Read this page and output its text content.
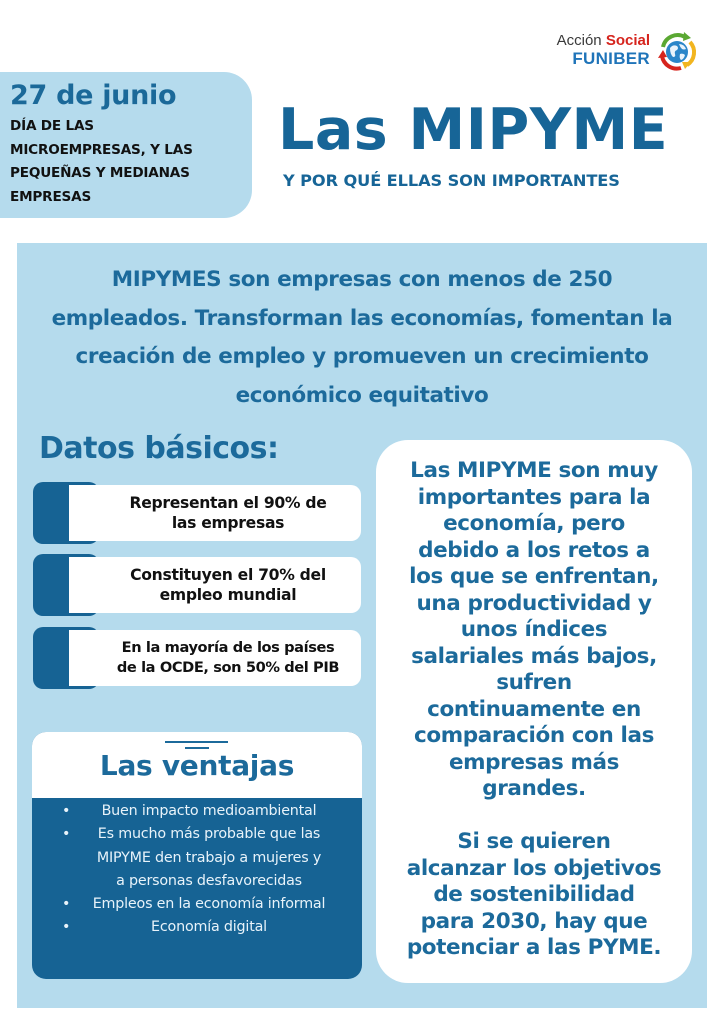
Acción Social
FUNIBER
27 de junio
DÍA DE LAS
MICROEMPRESAS, Y LAS
PEQUEÑAS Y MEDIANAS
EMPRESAS
Las MIPYME
Y POR QUÉ ELLAS SON IMPORTANTES
MIPYMES son empresas con menos de 250
empleados. Transforman las economías, fomentan la
creación de empleo y promueven un crecimiento
económico equitativo
Datos básicos:
Representan el 90% de
las empresas
Constituyen el 70% del
empleo mundial
En la mayoría de los países
de la OCDE, son 50% del PIB
Las ventajas
•	Buen impacto medioambiental
•	Es mucho más probable que las
MIPYME den trabajo a mujeres y
a personas desfavorecidas
•	Empleos en la economía informal
•	Economía digital
Las MIPYME son muy
importantes para la
economía, pero
debido a los retos a
los que se enfrentan,
una productividad y
unos índices
salariales más bajos,
sufren
continuamente en
comparación con las
empresas más
grandes.
Si se quieren
alcanzar los objetivos
de sostenibilidad
para 2030, hay que
potenciar a las PYME.
